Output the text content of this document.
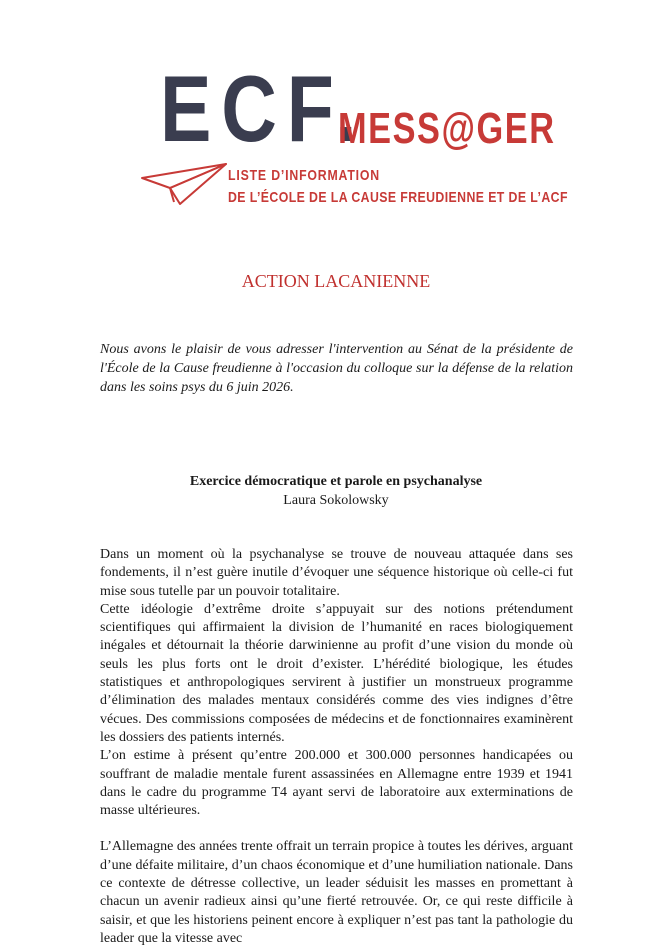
ECF.
MESS@GER
LISTE D’INFORMATION
DE L’ÉCOLE DE LA CAUSE FREUDIENNE ET DE L’ACF
ACTION LACANIENNE
Nous avons le plaisir de vous adresser l'intervention au Sénat de la présidente de l'École de la Cause freudienne à l'occasion du colloque sur la défense de la relation dans les soins psys du 6 juin 2026.
Exercice démocratique et parole en psychanalyse
Laura Sokolowsky

Dans un moment où la psychanalyse se trouve de nouveau attaquée dans ses fondements, il n’est guère inutile d’évoquer une séquence historique où celle-ci fut mise sous tutelle par un pouvoir totalitaire.

Cette idéologie d’extrême droite s’appuyait sur des notions prétendument scientifiques qui affirmaient la division de l’humanité en races biologiquement inégales et détournait la théorie darwinienne au profit d’une vision du monde où seuls les plus forts ont le droit d’exister. L’hérédité biologique, les études statistiques et anthropologiques servirent à justifier un monstrueux programme d’élimination des malades mentaux considérés comme des vies indignes d’être vécues. Des commissions composées de médecins et de fonctionnaires examinèrent les dossiers des patients internés.

L’on estime à présent qu’entre 200.000 et 300.000 personnes handicapées ou souffrant de maladie mentale furent assassinées en Allemagne entre 1939 et 1941 dans le cadre du programme T4 ayant servi de laboratoire aux exterminations de masse ultérieures.

L’Allemagne des années trente offrait un terrain propice à toutes les dérives, arguant d’une défaite militaire, d’un chaos économique et d’une humiliation nationale. Dans ce contexte de détresse collective, un leader séduisit les masses en promettant à chacun un avenir radieux ainsi qu’une fierté retrouvée. Or, ce qui reste difficile à saisir, et que les historiens peinent encore à expliquer n’est pas tant la pathologie du leader que la vitesse avec
